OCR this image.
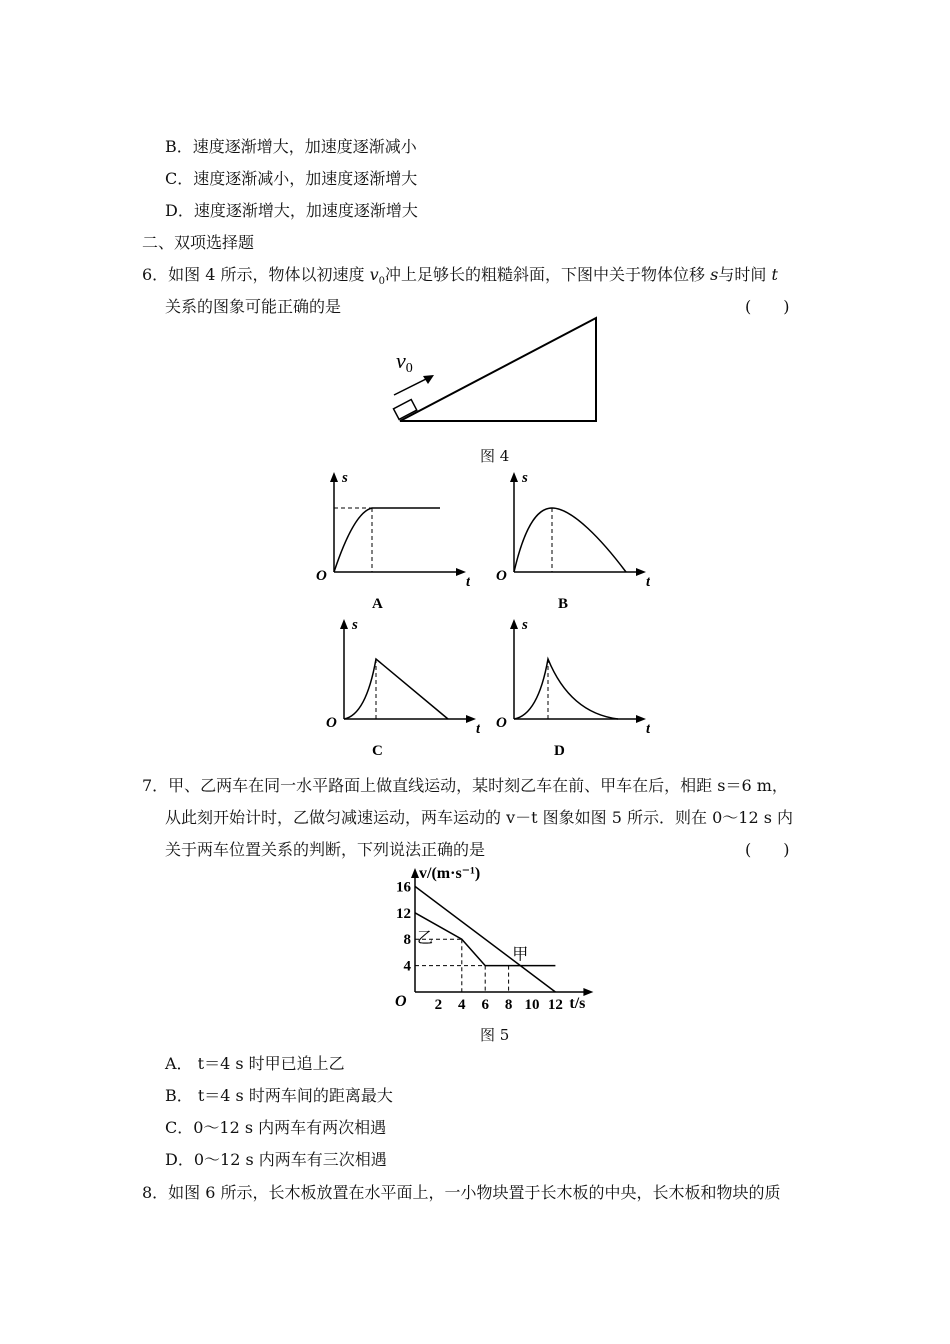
B．速度逐渐增大，加速度逐渐减小
C．速度逐渐减小，加速度逐渐增大
D．速度逐渐增大，加速度逐渐增大
二、双项选择题
6．如图 4 所示，物体以初速度 $v_0$冲上足够长的粗糙斜面，下图中关于物体位移 s与时间 t
关系的图象可能正确的是	(　　)
v0
图 4
s
t
O
A
s
t
O
B
s
t
O
C
s
t
O
D
7．甲、乙两车在同一水平路面上做直线运动，某时刻乙车在前、甲车在后，相距 s＝6 m，
从此刻开始计时，乙做匀减速运动，两车运动的 v－t 图象如图 5 所示．则在 0～12 s 内
关于两车位置关系的判断，下列说法正确的是	(　　)
v/(m·s⁻¹)
t/s
O 2 4 6 8 10 12
4
8
12
16
乙
甲
图 5
A． t＝4 s 时甲已追上乙
B． t＝4 s 时两车间的距离最大
C．0～12 s 内两车有两次相遇
D．0～12 s 内两车有三次相遇
8．如图 6 所示，长木板放置在水平面上，一小物块置于长木板的中央，长木板和物块的质
